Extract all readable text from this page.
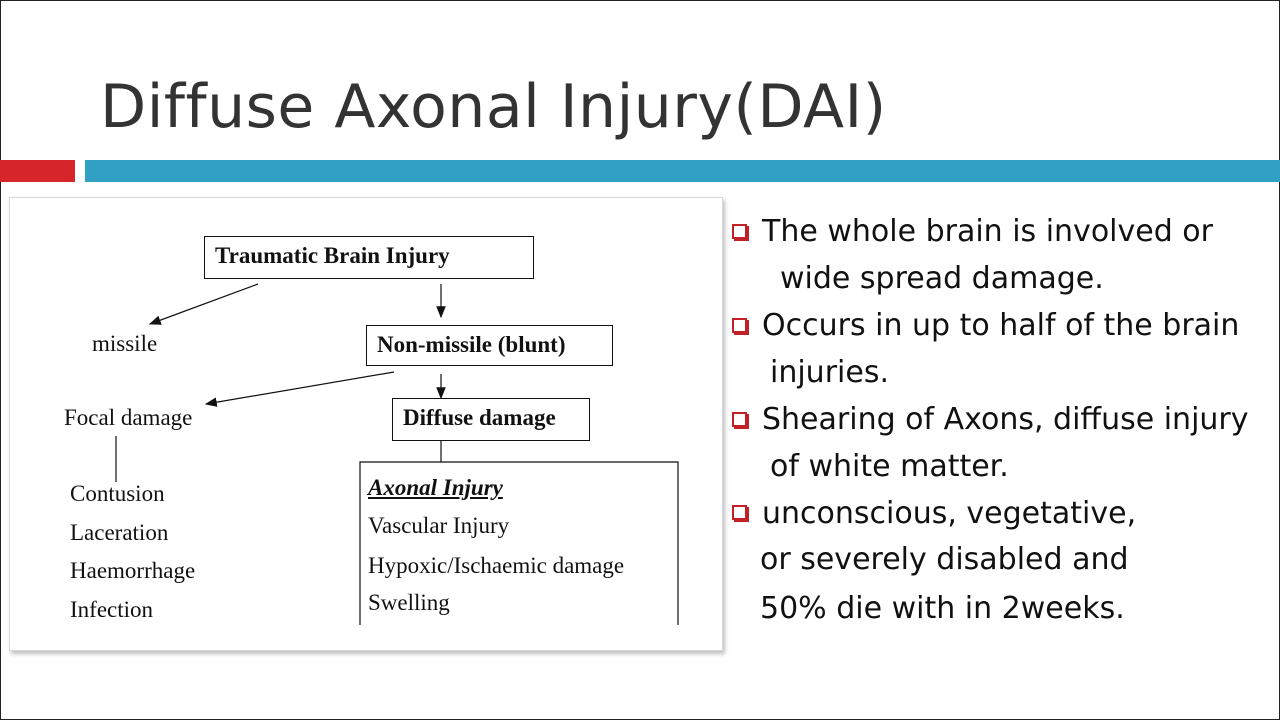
Diffuse Axonal Injury(DAI)
Traumatic Brain Injury
missile	Non-missile (blunt)
Focal damage	Diffuse damage
Contusion
Laceration
Haemorrhage
Infection
Axonal Injury
Vascular Injury
Hypoxic/Ischaemic damage
Swelling
The whole brain is involved or
wide spread damage.
Occurs in up to half of the brain
injuries.
Shearing of Axons, diffuse injury
of white matter.
unconscious, vegetative,
or severely disabled and
50% die with in 2weeks.
